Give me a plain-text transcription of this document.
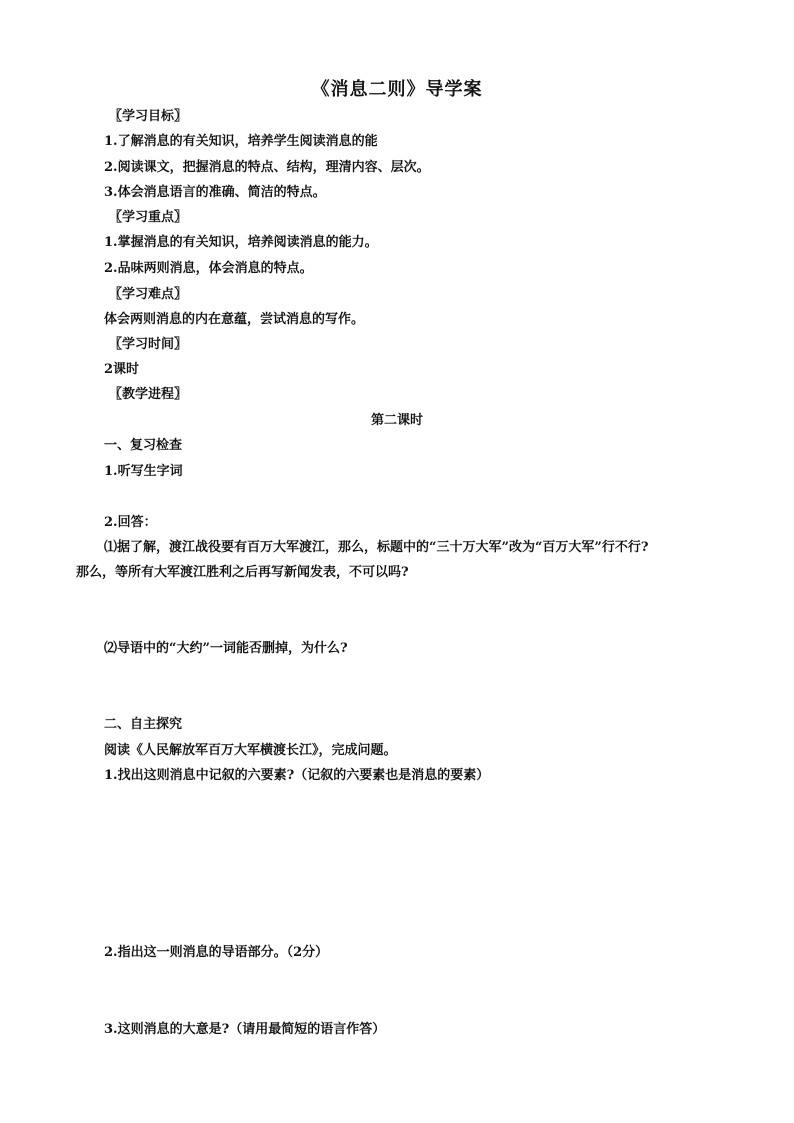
《消息二则》导学案
〖学习目标〗
1.了解消息的有关知识，培养学生阅读消息的能
2.阅读课文，把握消息的特点、结构，理清内容、层次。
3.体会消息语言的准确、简洁的特点。
〖学习重点〗
1.掌握消息的有关知识，培养阅读消息的能力。
2.品味两则消息，体会消息的特点。
〖学习难点〗
体会两则消息的内在意蕴，尝试消息的写作。
〖学习时间〗
2课时
〖教学进程〗
第二课时
一、复习检查
1.听写生字词
2.回答：
⑴据了解，渡江战役要有百万大军渡江，那么，标题中的“三十万大军”改为“百万大军”行不行?
那么，等所有大军渡江胜利之后再写新闻发表，不可以吗?
⑵导语中的“大约”一词能否删掉，为什么?
二、自主探究
阅读《人民解放军百万大军横渡长江》，完成问题。
1.找出这则消息中记叙的六要素?（记叙的六要素也是消息的要素）
2.指出这一则消息的导语部分。（2分）
3.这则消息的大意是?（请用最简短的语言作答）
